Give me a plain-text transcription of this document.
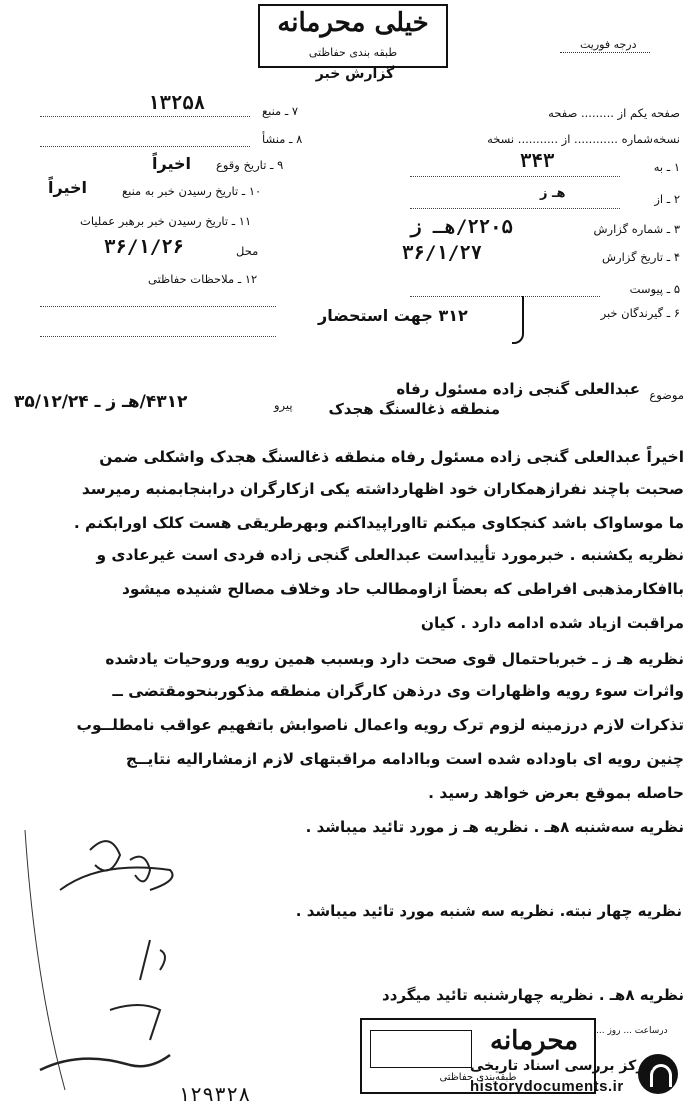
خیلی محرمانه
طبقه بندی حفاظتی
گزارش خبر
درجه فوریت
صفحه یکم از ......... صفحه
نسخه‌شماره ............ از ........... نسخه
۱ ـ به
۳۴۳
۲ ـ از
هـ ز
۳ ـ شماره گزارش
۲۲۰۵/هـ ز
۴ ـ تاریخ گزارش
۳۶/۱/۲۷
۵ ـ پیوست
۶ ـ گیرندگان خبر
۳۱۲ جهت استحضار
۷ ـ منبع
۱۳۲۵۸
۸ ـ منشأ
۹ ـ تاریخ وقوع
اخیراً
۱۰ ـ تاریخ رسیدن خبر به منبع
اخیراً
۱۱ ـ تاریخ رسیدن خبر برهبر عملیات
محل
۳۶/۱/۲۶
۱۲ ـ ملاحظات حفاظتی
موضوع
عبدالعلی گنجی زاده مسئول رفاه
منطقه ذغالسنگ هجدک
پیرو
۴۳۱۲/هـ ز ـ ۳۵/۱۲/۲۴
اخیراً عبدالعلی گنجی زاده مسئول رفاه منطقه ذغالسنگ هجدک واشکلی ضمن
صحبت باچند نفرازهمکاران خود اظهارداشته یکی ازکارگران درابنجابمنبه رمیرسد
ما موساواک باشد کنجکاوی میکنم تااوراپیداکنم وبهرطریقی هست کلک اورابکنم .
نظریه یکشنبه . خبرمورد تأییداست عبدالعلی گنجی زاده فردی است غیرعادی و
باافکارمذهبی افراطی که بعضاً ازاومطالب حاد وخلاف مصالح شنیده میشود
مراقبت ازیاد شده ادامه دارد . کیان
نظریه هـ ز ـ خبرباحتمال قوی صحت دارد وبسبب همین رویه وروحیات یادشده
واثرات سوء رویه واظهارات وی درذهن کارگران منطقه مذکوربنحومقتضی ــ
تذکرات لازم درزمینه لزوم ترک رویه واعمال ناصوابش باتفهیم عواقب نامطلــوب
چنین رویه ای باوداده شده است وباادامه مراقبتهای لازم ازمشارالیه نتایــج
حاصله بموقع بعرض خواهد رسید .
نظریه سه‌شنبه ۸هـ . نظریه هـ ز مورد تائید میباشد .
نظریه چهار نبته. نظریه سه شنبه مورد تائید میباشد .
نظریه ۸هـ . نظریه چهارشنبه تائید میگردد
محرمانه
طبقه‌بندی حفاظتی
درساعت ... روز ...
۱۲۹۳۲۸
مرکز بررسی اسناد تاریخی
historydocuments.ir
